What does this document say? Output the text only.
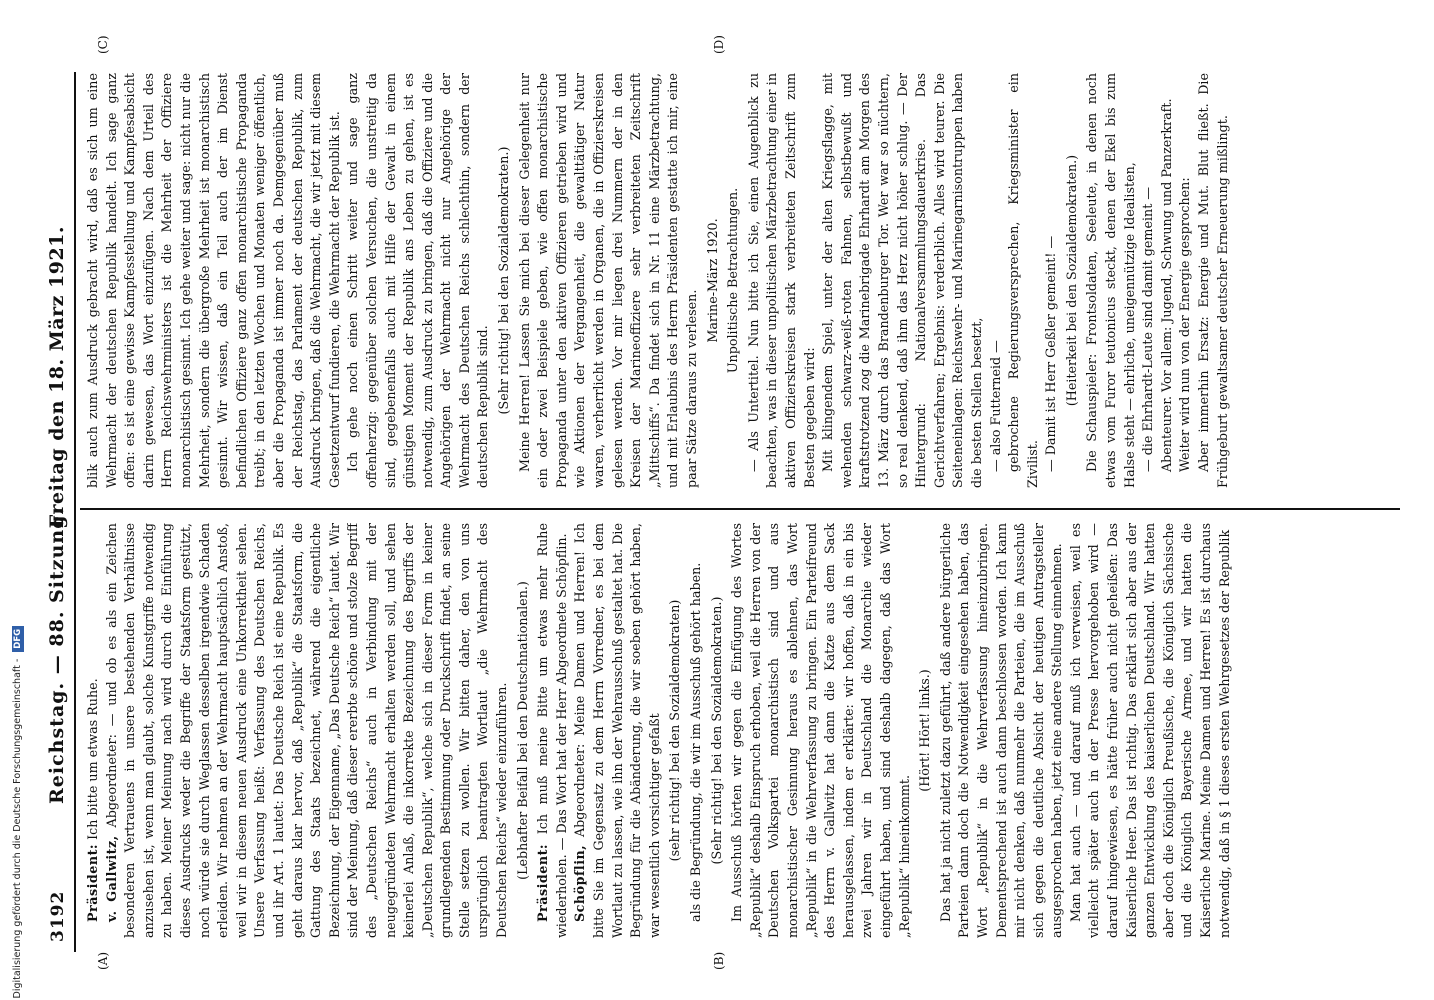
Digitalisierung gefördert durch die Deutsche Forschungsgemeinschaft - DFG
3192
Reichstag. — 88. Sitzung.
Freitag den 18. März 1921.
(A)	(B)
(C)	(D)

Präsident: Ich bitte um etwas Ruhe.

v. Gallwitz, Abgeordneter: — und ob es als ein Zeichen besonderen Vertrauens in unsere bestehenden Verhältnisse anzusehen ist, wenn man glaubt, solche Kunstgriffe notwendig zu haben. Meiner Meinung nach wird durch die Einführung dieses Ausdrucks weder die Begriffe der Staatsform gestützt, noch würde sie durch Weglassen desselben irgendwie Schaden erleiden. Wir nehmen an der Wehrmacht hauptsächlich Anstoß, weil wir in diesem neuen Ausdruck eine Unkorrektheit sehen. Unsere Verfassung heißt: Verfassung des Deutschen Reichs, und ihr Art. 1 lautet: Das Deutsche Reich ist eine Republik. Es geht daraus klar hervor, daß „Republik“ die Staatsform, die Gattung des Staats bezeichnet, während die eigentliche Bezeichnung, der Eigenname, „Das Deutsche Reich“ lautet. Wir sind der Meinung, daß dieser ererbte schöne und stolze Begriff des „Deutschen Reichs“ auch in Verbindung mit der neugegründeten Wehrmacht erhalten werden soll, und sehen keinerlei Anlaß, die inkorrekte Bezeichnung des Begriffs der „Deutschen Republik“, welche sich in dieser Form in keiner grundlegenden Bestimmung oder Druckschrift findet, an seine Stelle setzen zu wollen. Wir bitten daher, den von uns ursprünglich beantragten Wortlaut „die Wehrmacht des Deutschen Reichs“ wieder einzuführen. (Lebhafter Beifall bei den Deutschnationalen.)

Präsident: Ich muß meine Bitte um etwas mehr Ruhe wiederholen. — Das Wort hat der Herr Abgeordnete Schöpflin. Schöpflin, Abgeordneter: Meine Damen und Herren! Ich bitte Sie im Gegensatz zu dem Herrn Vorredner, es bei dem Wortlaut zu lassen, wie ihn der Wehrausschuß gestaltet hat. Die Begründung für die Abänderung, die wir soeben gehört haben, war wesentlich vorsichtiger gefaßt (sehr richtig! bei den Sozialdemokraten) als die Begründung, die wir im Ausschuß gehört haben. (Sehr richtig! bei den Sozialdemokraten.) Im Ausschuß hörten wir gegen die Einfügung des Wortes „Republik“ deshalb Einspruch erhoben, weil die Herren von der Deutschen Volkspartei monarchistisch sind und aus monarchistischer Gesinnung heraus es ablehnen, das Wort „Republik“ in die Wehrverfassung zu bringen. Ein Parteifreund des Herrn v. Gallwitz hat dann die Katze aus dem Sack herausgelassen, indem er erklärte: wir hoffen, daß in ein bis zwei Jahren wir in Deutschland die Monarchie wieder eingeführt haben, und sind deshalb dagegen, daß das Wort „Republik“ hineinkommt.

(Hört! Hört! links.) Das hat ja nicht zuletzt dazu geführt, daß andere bürgerliche Parteien dann doch die Notwendigkeit eingesehen haben, das Wort „Republik“ in die Wehrverfassung hineinzubringen. Dementsprechend ist auch dann beschlossen worden. Ich kann mir nicht denken, daß nunmehr die Parteien, die im Ausschuß sich gegen die deutliche Absicht der heutigen Antragsteller ausgesprochen haben, jetzt eine andere Stellung einnehmen. Man hat auch — und darauf muß ich verweisen, weil es vielleicht später auch in der Presse hervorgehoben wird — darauf hingewiesen, es hätte früher auch nicht geheißen: Das Kaiserliche Heer. Das ist richtig. Das erklärt sich aber aus der ganzen Entwicklung des kaiserlichen Deutschland. Wir hatten aber doch die Königlich Preußische, die Königlich Sächsische und die Königlich Bayerische Armee, und wir hatten die Kaiserliche Marine. Meine Damen und Herren! Es ist durchaus notwendig, daß in § 1 dieses ersten Wehrgesetzes der Republik

blik auch zum Ausdruck gebracht wird, daß es sich um eine Wehrmacht der deutschen Republik handelt. Ich sage ganz offen: es ist eine gewisse Kampfesstellung und Kampfesabsicht darin gewesen, das Wort einzufügen. Nach dem Urteil des Herrn Reichswehrministers ist die Mehrheit der Offiziere monarchistisch gesinnt. Ich gehe weiter und sage: nicht nur die Mehrheit, sondern die übergroße Mehrheit ist monarchistisch gesinnt. Wir wissen, daß ein Teil auch der im Dienst befindlichen Offiziere ganz offen monarchistische Propaganda treibt; in den letzten Wochen und Monaten weniger öffentlich, aber die Propaganda ist immer noch da. Demgegenüber muß der Reichstag, das Parlament der deutschen Republik, zum Ausdruck bringen, daß die Wehrmacht, die wir jetzt mit diesem Gesetzentwurf fundieren, die Wehrmacht der Republik ist. Ich gehe noch einen Schritt weiter und sage ganz offenherzig: gegenüber solchen Versuchen, die unstreitig da sind, gegebenenfalls auch mit Hilfe der Gewalt in einem günstigen Moment der Republik ans Leben zu gehen, ist es notwendig, zum Ausdruck zu bringen, daß die Offiziere und die Angehörigen der Wehrmacht nicht nur Angehörige der Wehrmacht des Deutschen Reichs schlechthin, sondern der deutschen Republik sind. (Sehr richtig! bei den Sozialdemokraten.) Meine Herren! Lassen Sie mich bei dieser Gelegenheit nur ein oder zwei Beispiele geben, wie offen monarchistische Propaganda unter den aktiven Offizieren getrieben wird und wie Aktionen der Vergangenheit, die gewalttätiger Natur waren, verherrlicht werden in Organen, die in Offizierskreisen gelesen werden. Vor mir liegen drei Nummern der in den Kreisen der Marineoffiziere sehr verbreiteten Zeitschrift „Mittschiffs“. Da findet sich in Nr. 11 eine Märzbetrachtung, und mit Erlaubnis des Herrn Präsidenten gestatte ich mir, eine paar Sätze daraus zu verlesen.

Marine-März 1920. Unpolitische Betrachtungen. — Als Untertitel. Nun bitte ich Sie, einen Augenblick zu beachten, was in dieser unpolitischen Märzbetrachtung einer in aktiven Offizierskreisen stark verbreiteten Zeitschrift zum Besten gegeben wird: Mit klingendem Spiel, unter der alten Kriegsflagge, mit wehenden schwarz-weiß-roten Fahnen, selbstbewußt und kraftstrotzend zog die Marinebrigade Ehrhardt am Morgen des 13. März durch das Brandenburger Tor. Wer war so nüchtern, so real denkend, daß ihm das Herz nicht höher schlug. — Der Hintergrund: Nationalversammlungsdauerkrise. Das Gerichtverfahren; Ergebnis: verderblich. Alles wird teurer. Die Seiteneinlagen: Reichswehr- und Marinegarnisontruppen haben die besten Stellen besetzt, — also Futterneid — gebrochene Regierungsversprechen, Kriegsminister ein Zivilist. — Damit ist Herr Geßler gemeint! — (Heiterkeit bei den Sozialdemokraten.) Die Schauspieler: Frontsoldaten, Seeleute, in denen noch etwas vom Furor teutonicus steckt, denen der Ekel bis zum Halse steht — ehrliche, uneigennützige Idealisten, — die Ehrhardt-Leute sind damit gemeint — Abenteurer. Vor allem: Jugend, Schwung und Panzerkraft. Weiter wird nun von der Energie gesprochen: Aber immerhin Ersatz: Energie und Mut. Blut fließt. Die Frühgeburt gewaltsamer deutscher Erneuerung mißlingt.
